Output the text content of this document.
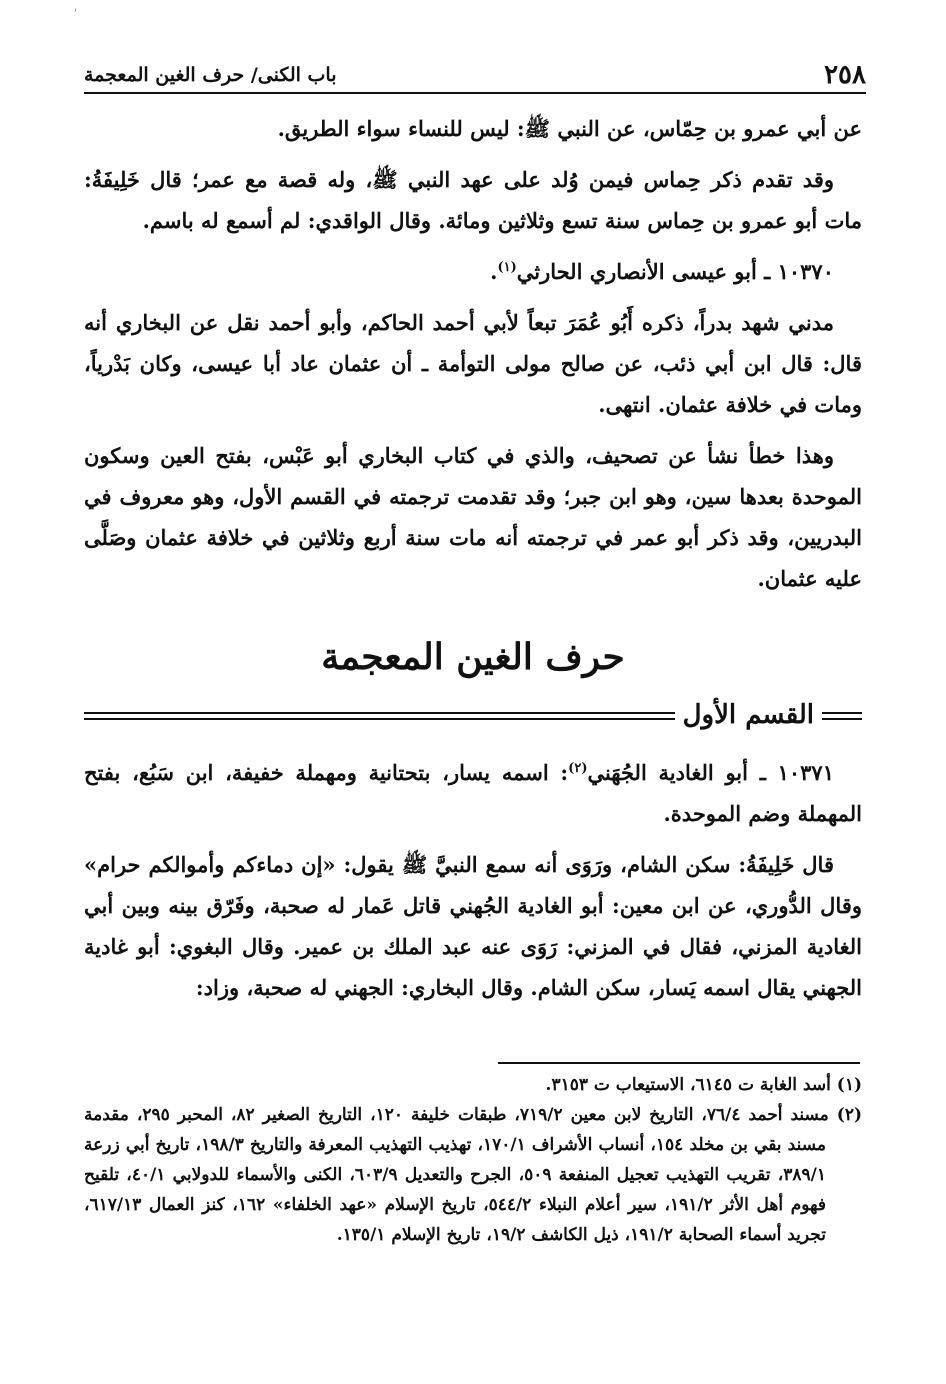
'
٢٥٨
باب الكنى/ حرف الغين المعجمة

عن أبي عمرو بن حِمّاس، عن النبي ﷺ: ليس للنساء سواء الطريق.

وقد تقدم ذكر حِماس فيمن وُلد على عهد النبي ﷺ، وله قصة مع عمر؛ قال خَلِيفَةُ: مات أبو عمرو بن حِماس سنة تسع وثلاثين ومائة. وقال الواقدي: لم أسمع له باسم.

١٠٣٧٠ ـ أبو عيسى الأنصاري الحارثي$^{(١)}$.

مدني شهد بدراً، ذكره أَبُو عُمَرَ تبعاً لأبي أحمد الحاكم، وأبو أحمد نقل عن البخاري أنه قال: قال ابن أبي ذئب، عن صالح مولى التوأمة ـ أن عثمان عاد أبا عيسى، وكان بَدْرياً، ومات في خلافة عثمان. انتهى.

وهذا خطأ نشأ عن تصحيف، والذي في كتاب البخاري أبو عَبْس، بفتح العين وسكون الموحدة بعدها سين، وهو ابن جبر؛ وقد تقدمت ترجمته في القسم الأول، وهو معروف في البدريين، وقد ذكر أبو عمر في ترجمته أنه مات سنة أربع وثلاثين في خلافة عثمان وصَلَّى عليه عثمان.

حرف الغين المعجمة
القسم الأول

١٠٣٧١ ـ أبو الغادية الجُهَني$^{(٢)}$: اسمه يسار، بتحتانية ومهملة خفيفة، ابن سَبُع، بفتح المهملة وضم الموحدة.

قال خَلِيفَةُ: سكن الشام، ورَوَى أنه سمع النبيَّ ﷺ يقول: «إن دماءكم وأموالكم حرام» وقال الدُّوري، عن ابن معين: أبو الغادية الجُهني قاتل عَمار له صحبة، وفَرّق بينه وبين أبي الغادية المزني، فقال في المزني: رَوَى عنه عبد الملك بن عمير. وقال البغوي: أبو غادية الجهني يقال اسمه يَسار، سكن الشام. وقال البخاري: الجهني له صحبة، وزاد:

(١) أسد الغابة ت ٦١٤٥، الاستيعاب ت ٣١٥٣.

(٢) مسند أحمد ٧٦/٤، التاريخ لابن معين ٧١٩/٢، طبقات خليفة ١٢٠، التاريخ الصغير ٨٢، المحبر ٢٩٥، مقدمة مسند بقي بن مخلد ١٥٤، أنساب الأشراف ١٧٠/١، تهذيب التهذيب المعرفة والتاريخ ١٩٨/٣، تاريخ أبي زرعة ٣٨٩/١، تقريب التهذيب تعجيل المنفعة ٥٠٩، الجرح والتعديل ٦٠٣/٩، الكنى والأسماء للدولابي ٤٠/١، تلقيح فهوم أهل الأثر ١٩١/٢، سير أعلام النبلاء ٥٤٤/٢، تاريخ الإسلام «عهد الخلفاء» ١٦٢، كنز العمال ٦١٧/١٣، تجريد أسماء الصحابة ١٩١/٢، ذيل الكاشف ١٩/٢، تاريخ الإسلام ١٣٥/١.
